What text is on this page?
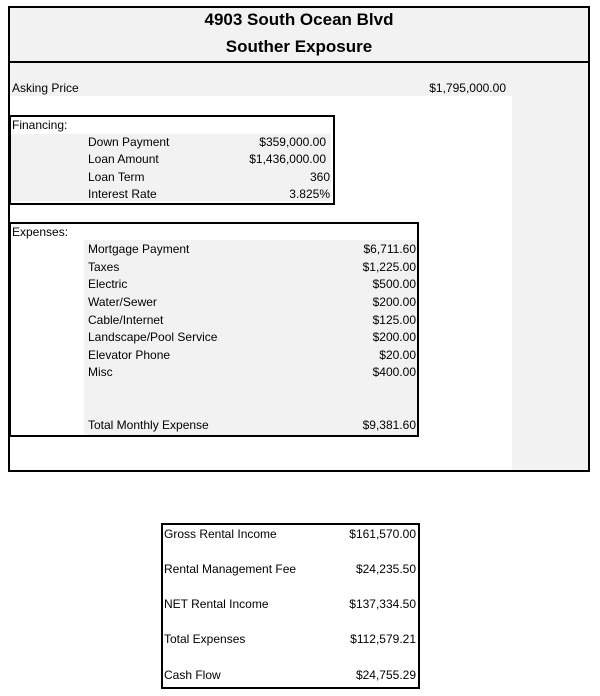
4903 South Ocean Blvd
Souther Exposure
Asking Price	$1,795,000.00
Financing:
Down Payment	$359,000.00
Loan Amount	$1,436,000.00
Loan Term	360
Interest Rate	3.825%
Expenses:
Mortgage Payment	$6,711.60
Taxes	$1,225.00
Electric	$500.00
Water/Sewer	$200.00
Cable/Internet	$125.00
Landscape/Pool Service	$200.00
Elevator Phone	$20.00
Misc	$400.00
Total Monthly Expense	$9,381.60
Gross Rental Income	$161,570.00
Rental Management Fee	$24,235.50
NET Rental Income	$137,334.50
Total Expenses	$112,579.21
Cash Flow	$24,755.29
